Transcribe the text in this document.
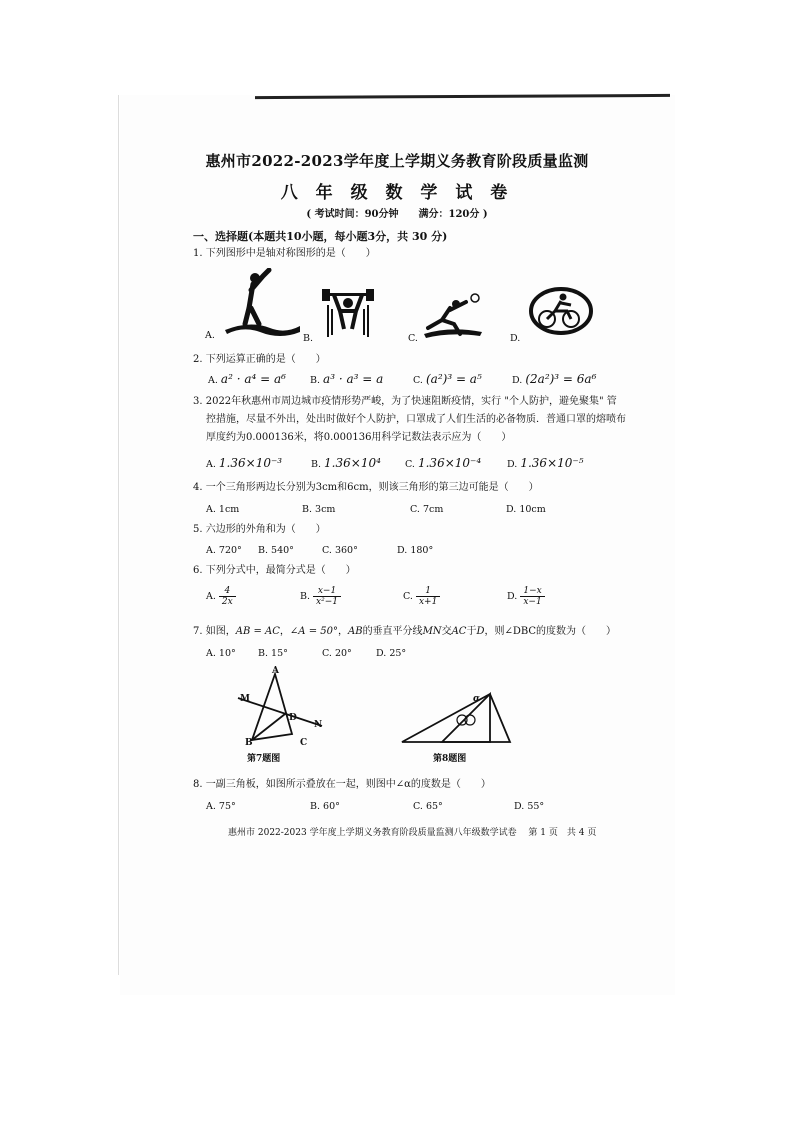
惠州市2022-2023学年度上学期义务教育阶段质量监测
八 年 级 数 学 试 卷
( 考试时间：90分钟　　满分：120分 )
一、选择题(本题共10小题，每小题3分，共 30 分)
1. 下列图形中是轴对称图形的是（　　）
A.	B.	C.	D.
2. 下列运算正确的是（　　）
A. a² · a⁴ = a⁶	B. a³ · a³ = a	C. (a²)³ = a⁵	D. (2a²)³ = 6a⁶
3. 2022年秋惠州市周边城市疫情形势严峻，为了快速阻断疫情，实行 "个人防护，避免聚集" 管
控措施，尽量不外出，处出时做好个人防护，口罩成了人们生活的必备物质．普通口罩的熔喷布
厚度约为0.000136米，将0.000136用科学记数法表示应为（　　）
A. 1.36×10⁻³	B. 1.36×10⁴	C. 1.36×10⁻⁴	D. 1.36×10⁻⁵
4. 一个三角形两边长分别为3cm和6cm，则该三角形的第三边可能是（　　）
A. 1cm	B. 3cm	C. 7cm	D. 10cm
5. 六边形的外角和为（　　）
A. 720° B. 540°	C. 360°	D. 180°
6. 下列分式中，最简分式是（　　）
A. $\frac{4}{2x}$	B. $\frac{x-1}{\text{x²−1}}$	C. $\frac{1}{x+1}$	D. $\frac{1-x}{x-1}$
7. 如图，AB = AC，∠A = 50°，AB的垂直平分线MN交AC于D，则∠DBC的度数为（　　）
A. 10° B. 15°	C. 20°	D. 25°
A
M
D
N
B	C
第7题图
α
第8题图
8. 一副三角板，如图所示叠放在一起，则图中∠α的度数是（　　）
A. 75°	B. 60°	C. 65°	D. 55°
惠州市 2022-2023 学年度上学期义务教育阶段质量监测八年级数学试卷　 第 1 页　共 4 页
